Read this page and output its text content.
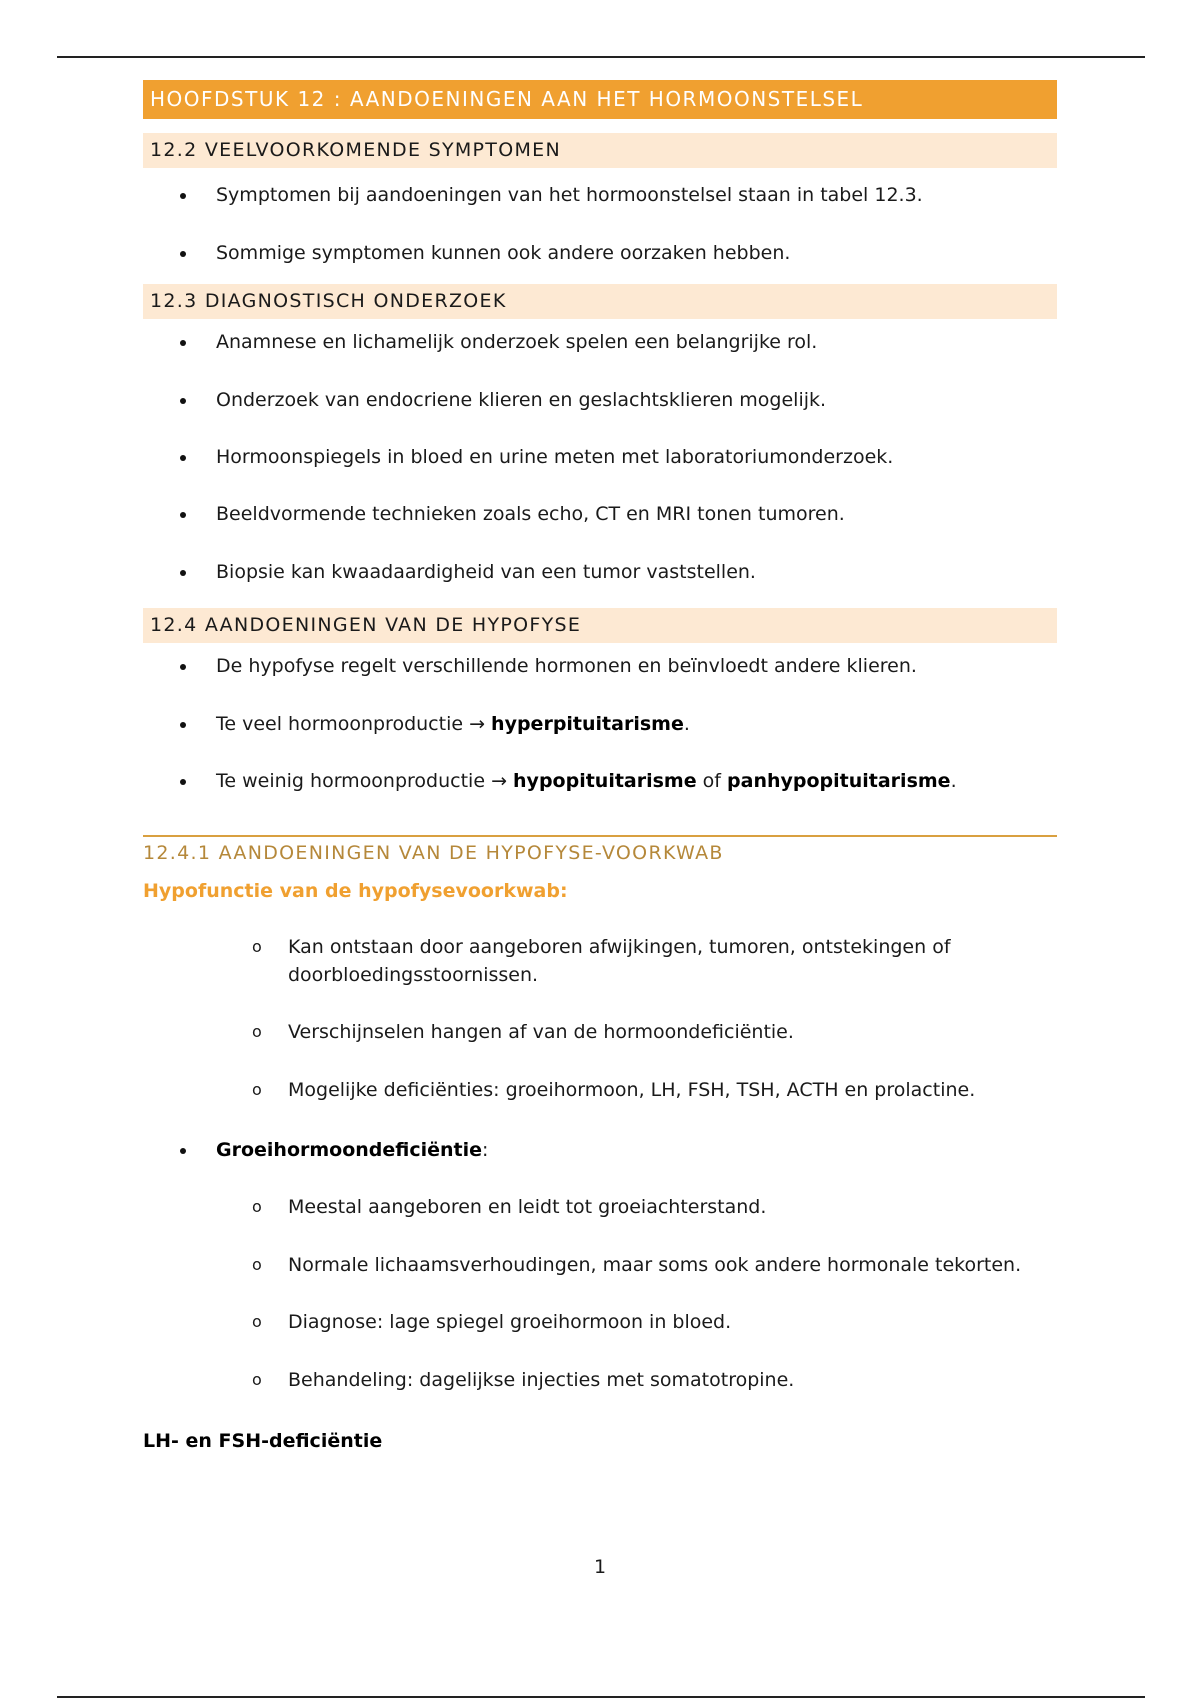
HOOFDSTUK 12 : AANDOENINGEN AAN HET HORMOONSTELSEL
12.2 VEELVOORKOMENDE SYMPTOMEN
Symptomen bij aandoeningen van het hormoonstelsel staan in tabel 12.3.
Sommige symptomen kunnen ook andere oorzaken hebben.
12.3 DIAGNOSTISCH ONDERZOEK
Anamnese en lichamelijk onderzoek spelen een belangrijke rol.
Onderzoek van endocriene klieren en geslachtsklieren mogelijk.
Hormoonspiegels in bloed en urine meten met laboratoriumonderzoek.
Beeldvormende technieken zoals echo, CT en MRI tonen tumoren.
Biopsie kan kwaadaardigheid van een tumor vaststellen.
12.4 AANDOENINGEN VAN DE HYPOFYSE
De hypofyse regelt verschillende hormonen en beïnvloedt andere klieren.
Te veel hormoonproductie → hyperpituitarisme.
Te weinig hormoonproductie → hypopituitarisme of panhypopituitarisme.
12.4.1 AANDOENINGEN VAN DE HYPOFYSE-VOORKWAB
Hypofunctie van de hypofysevoorkwab:
o Kan ontstaan door aangeboren afwijkingen, tumoren, ontstekingen of doorbloedingsstoornissen.
o Verschijnselen hangen af van de hormoondeficiëntie.
o Mogelijke deficiënties: groeihormoon, LH, FSH, TSH, ACTH en prolactine.
Groeihormoondeficiëntie:
o Meestal aangeboren en leidt tot groeiachterstand.
o Normale lichaamsverhoudingen, maar soms ook andere hormonale tekorten.
o Diagnose: lage spiegel groeihormoon in bloed.
o Behandeling: dagelijkse injecties met somatotropine.
LH- en FSH-deficiëntie
1
